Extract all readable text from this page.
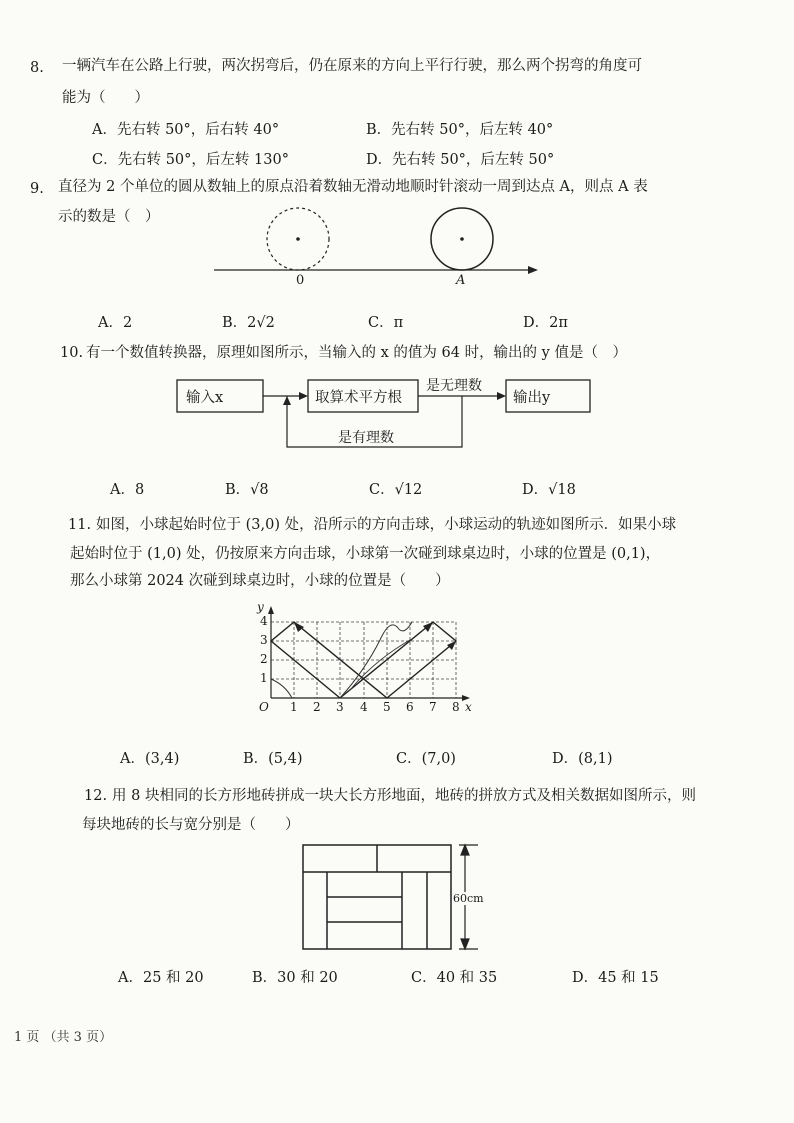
8. 一辆汽车在公路上行驶，两次拐弯后，仍在原来的方向上平行行驶，那么两个拐弯的角度可
能为（　　）
A．先右转 50°，后右转 40°	B．先右转 50°，后左转 40°
C．先右转 50°，后左转 130°	D．先右转 50°，后左转 50°
9. 直径为 2 个单位的圆从数轴上的原点沿着数轴无滑动地顺时针滚动一周到达点 A，则点 A 表
示的数是（　）
0	A
A．2	B．2√2	C．π	D．2π
10. 有一个数值转换器，原理如图所示，当输入的 x 的值为 64 时，输出的 y 值是（　）
输入x	取算术平方根	输出y
是无理数
是有理数
A．8	B．√8	C．√12	D．√18
11. 如图，小球起始时位于 (3,0) 处，沿所示的方向击球，小球运动的轨迹如图所示．如果小球
起始时位于 (1,0) 处，仍按原来方向击球，小球第一次碰到球桌边时，小球的位置是 (0,1)，
那么小球第 2024 次碰到球桌边时，小球的位置是（　　）
y
x
O 1 2 3 4 5 6 7 8
1
2
3
4
A．(3,4)	B．(5,4)	C．(7,0)	D．(8,1)
12. 用 8 块相同的长方形地砖拼成一块大长方形地面，地砖的拼放方式及相关数据如图所示，则
每块地砖的长与宽分别是（　　）
60cm
A．25 和 20	B．30 和 20	C．40 和 35	D．45 和 15
1 页 （共 3 页）
